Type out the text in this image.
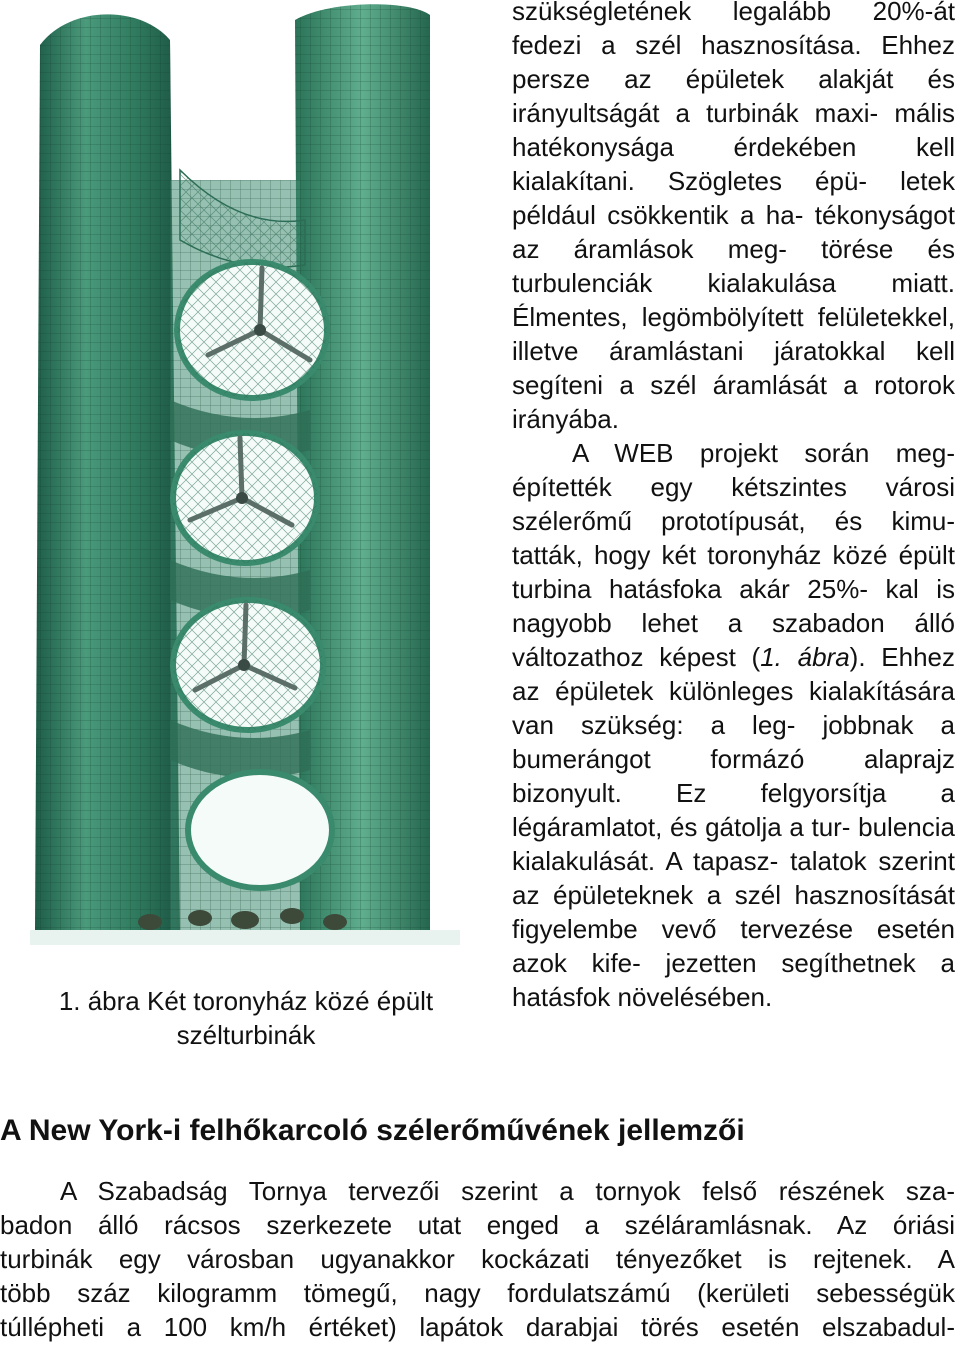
1. ábra Két toronyház közé épült
szélturbinák

szükségletének legalább 20%-át fedezi a szél hasznosítása. Ehhez persze az épületek alakját és irányultságát a turbinák maxi- mális hatékonysága érdekében kell kialakítani. Szögletes épü- letek például csökkentik a ha- tékonyságot az áramlások meg- törése és turbulenciák kialakulása miatt. Élmentes, legömbölyített felületekkel, illetve áramlástani járatokkal kell segíteni a szél áramlását a rotorok irányába.

A WEB projekt során meg- építették egy kétszintes városi szélerőmű prototípusát, és kimu- tatták, hogy két toronyház közé épült turbina hatásfoka akár 25%- kal is nagyobb lehet a szabadon álló változathoz képest (1. ábra). Ehhez az épületek különleges kialakítására van szükség: a leg- jobbnak a bumerángot formázó alaprajz bizonyult. Ez felgyorsítja a légáramlatot, és gátolja a tur- bulencia kialakulását. A tapasz- talatok szerint az épületeknek a szél hasznosítását figyelembe vevő tervezése esetén azok kife- jezetten segíthetnek a hatásfok növelésében.

A New York-i felhőkarcoló szélerőművének jellemzői
A Szabadság Tornya tervezői szerint a tornyok felső részének sza-
badon álló rácsos szerkezete utat enged a széláramlásnak. Az óriási
turbinák egy városban ugyanakkor kockázati tényezőket is rejtenek. A
több száz kilogramm tömegű, nagy fordulatszámú (kerületi sebességük
túllépheti a 100 km/h értéket) lapátok darabjai törés esetén elszabadul-
